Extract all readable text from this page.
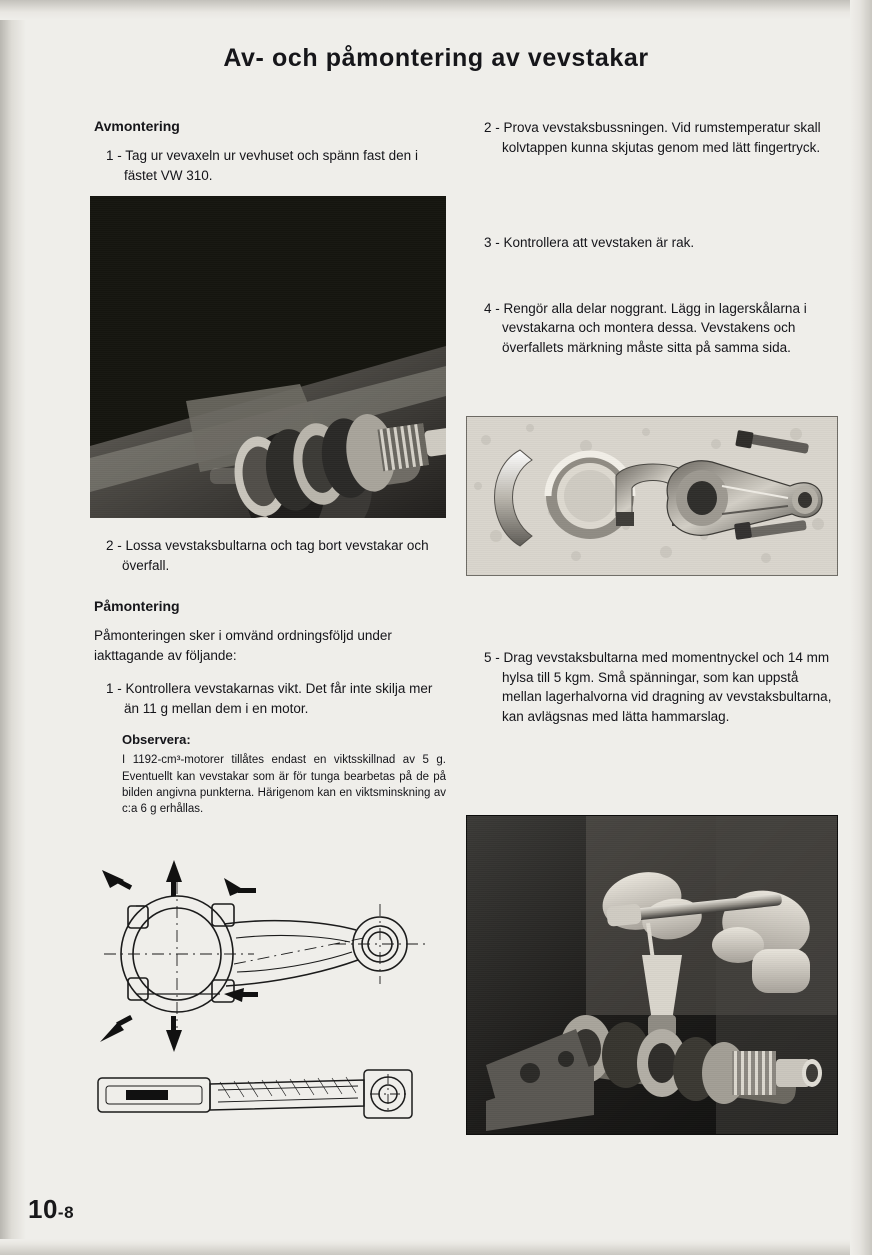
Av- och påmontering av vevstakar

Avmontering

1 - Tag ur vevaxeln ur vevhuset och spänn fast den i fästet VW 310.

2 - Lossa vevstaksbultarna och tag bort vevstakar och överfall.

Påmontering

Påmonteringen sker i omvänd ordningsföljd under iakttagande av följande:

1 - Kontrollera vevstakarnas vikt. Det får inte skilja mer än 11 g mellan dem i en motor.

Observera:

I 1192-cm³-motorer tillåtes endast en viktsskillnad av 5 g. Eventuellt kan vevstakar som är för tunga bearbetas på de på bilden angivna punkterna. Härigenom kan en viktsminskning av c:a 6 g erhållas.

2 - Prova vevstaksbussningen. Vid rumstemperatur skall kolvtappen kunna skjutas genom med lätt fingertryck.

3 - Kontrollera att vevstaken är rak.

4 - Rengör alla delar noggrant. Lägg in lagerskålarna i vevstakarna och montera dessa. Vevstakens och överfallets märkning måste sitta på samma sida.

5 - Drag vevstaksbultarna med momentnyckel och 14 mm hylsa till 5 kgm. Små spänningar, som kan uppstå mellan lagerhalvorna vid dragning av vevstaksbultarna, kan avlägsnas med lätta hammarslag.

10-8
